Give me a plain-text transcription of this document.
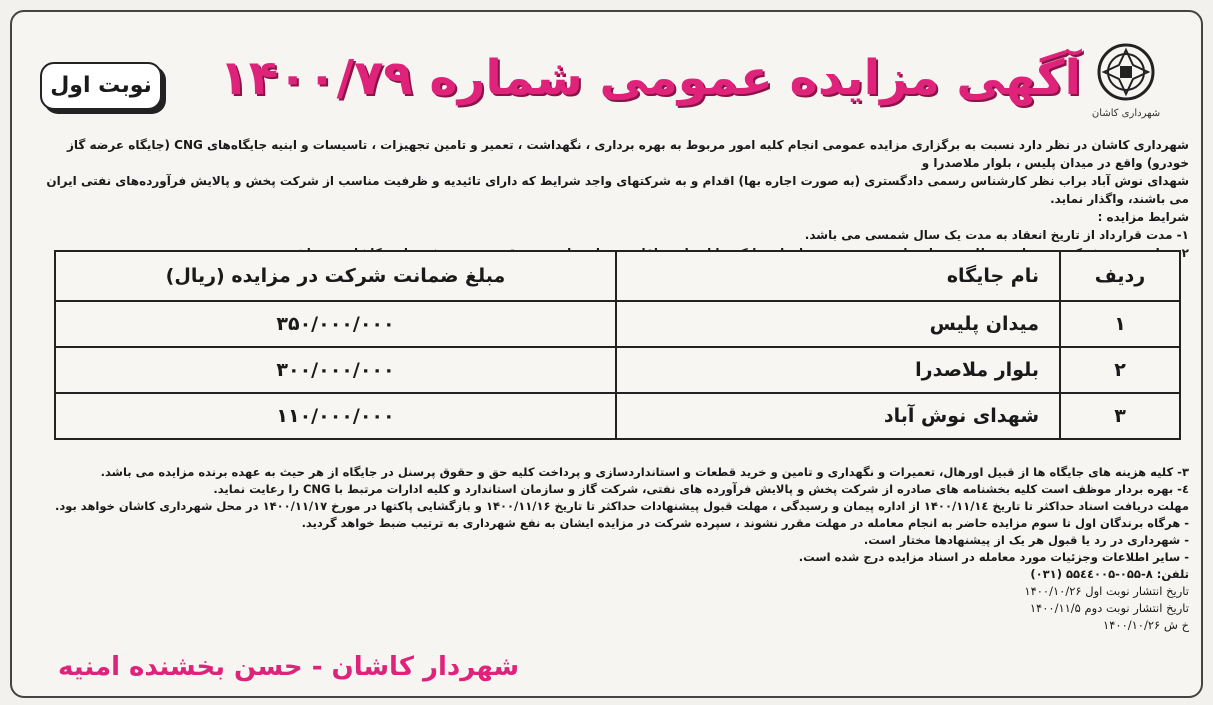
شهرداری کاشان
آگهی مزایده عمومی شماره ۱۴۰۰/۷۹
نوبت اول

شهرداری کاشان در نظر دارد نسبت به برگزاری مزایده عمومی انجام کلیه امور مربوط به بهره برداری ، نگهداشت ، تعمیر و تامین تجهیزات ، تاسیسات و ابنیه جایگاه‌های CNG (جایگاه عرضه گاز خودرو) واقع در میدان پلیس ، بلوار ملاصدرا و

شهدای نوش آباد براب نظر کارشناس رسمی دادگستری (به صورت اجاره بها) اقدام و به شرکتهای واجد شرایط که دارای تائیدیه و ظرفیت مناسب از شرکت پخش و پالایش فرآورده‌های نفتی ایران می باشند، واگذار نماید.

شرایط مزایده :

۱- مدت قرارداد از تاریخ انعقاد به مدت یک سال شمسی می باشد.

۲

ردیف	نام جایگاه	مبلغ ضمانت شرکت در مزایده (ریال)
۱	میدان پلیس	۳۵۰/۰۰۰/۰۰۰
۲	بلوار ملاصدرا	۳۰۰/۰۰۰/۰۰۰
۳	شهدای نوش آباد	۱۱۰/۰۰۰/۰۰۰

۳- کلیه هزینه های جایگاه ها از قبیل اورهال، تعمیرات و نگهداری و تامین و خرید قطعات و استانداردسازی و پرداخت کلیه حق و حقوق پرسنل در جایگاه از هر حیث به عهده برنده مزایده می باشد.

٤- بهره بردار موظف است کلیه بخشنامه های صادره از شرکت پخش و پالایش فرآورده های نفتی، شرکت گاز و سازمان استاندارد و کلیه ادارات مرتبط با CNG را رعایت نماید.

مهلت دریافت اسناد حداکثر تا تاریخ ۱۴۰۰/۱۱/۱٤ از اداره پیمان و رسیدگی ، مهلت قبول پیشنهادات حداکثر تا تاریخ ۱۴۰۰/۱۱/۱۶ و بازگشایی پاکتها در مورخ ۱۴۰۰/۱۱/۱۷ در محل شهرداری کاشان خواهد بود.

- هرگاه برندگان اول تا سوم مزایده حاضر به انجام معامله در مهلت مقرر نشوند ، سپرده شرکت در مزایده ایشان به نفع شهرداری به ترتیب ضبط خواهد گردید.

- شهرداری در رد یا قبول هر یک از پیشنهادها مختار است.

- سایر اطلاعات وجزئیات مورد معامله در اسناد مزایده درج شده است.

تلفن: ۸-۰۵۵-۵۵٤٤۰۰۵ (۰۳۱)

تاریخ انتشار نوبت اول ۱۴۰۰/۱۰/۲۶

تاریخ انتشار نوبت دوم ۱۴۰۰/۱۱/۵

خ ش ۱۴۰۰/۱۰/۲۶

شهردار کاشان - حسن بخشنده امنیه
